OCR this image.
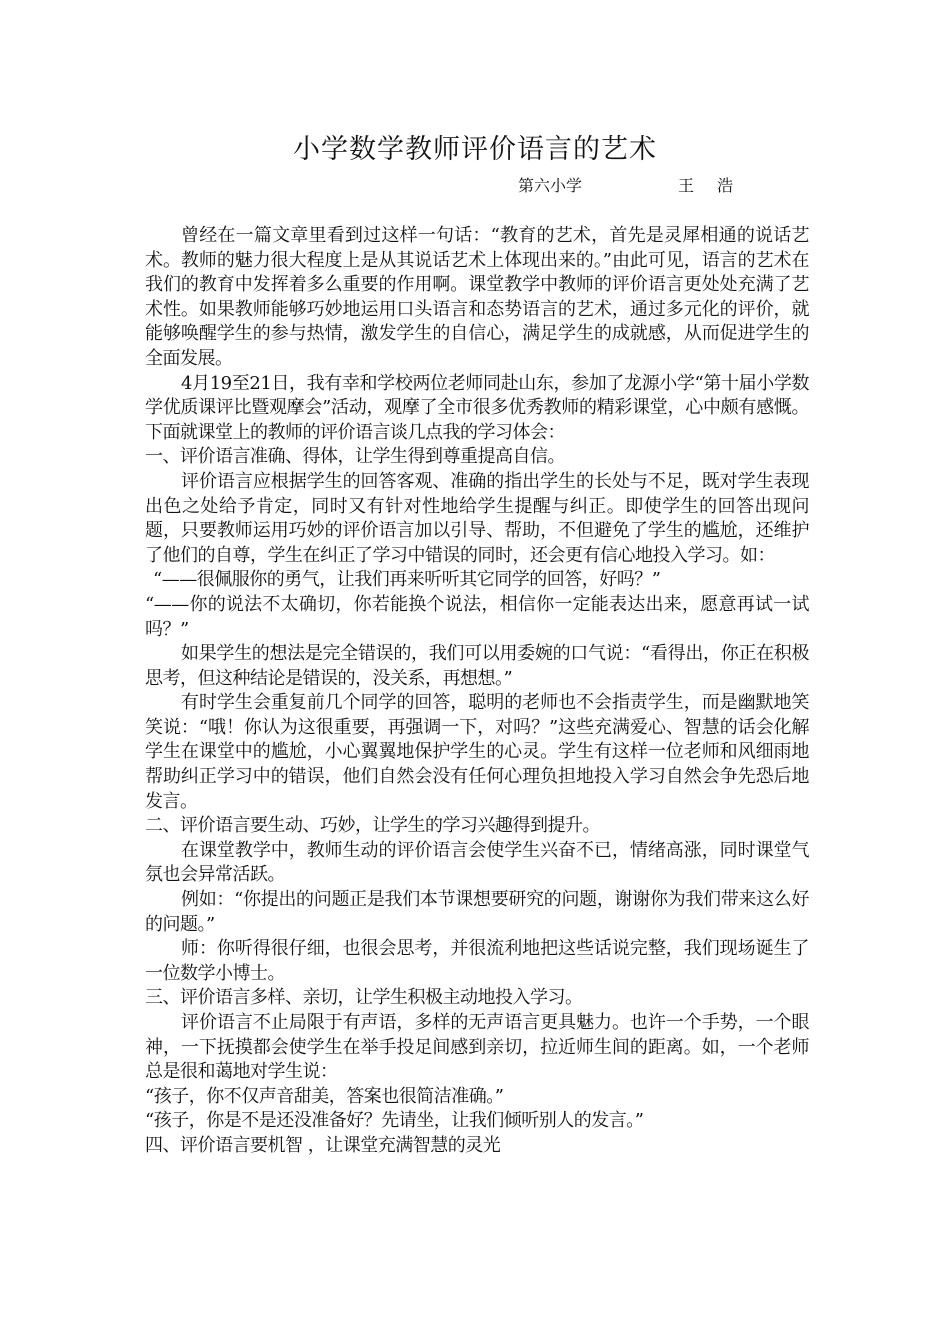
小学数学教师评价语言的艺术
第六小学	王 浩

曾经在一篇文章里看到过这样一句话：“教育的艺术，首先是灵犀相通的说话艺术。教师的魅力很大程度上是从其说话艺术上体现出来的。”由此可见，语言的艺术在我们的教育中发挥着多么重要的作用啊。课堂教学中教师的评价语言更处处充满了艺术性。如果教师能够巧妙地运用口头语言和态势语言的艺术，通过多元化的评价，就能够唤醒学生的参与热情，激发学生的自信心，满足学生的成就感，从而促进学生的全面发展。

4月19至21日，我有幸和学校两位老师同赴山东，参加了龙源小学“第十届小学数学优质课评比暨观摩会”活动，观摩了全市很多优秀教师的精彩课堂，心中颇有感慨。下面就课堂上的教师的评价语言谈几点我的学习体会：

一、评价语言准确、得体，让学生得到尊重提高自信。

评价语言应根据学生的回答客观、准确的指出学生的长处与不足，既对学生表现出色之处给予肯定，同时又有针对性地给学生提醒与纠正。即使学生的回答出现问题，只要教师运用巧妙的评价语言加以引导、帮助，不但避免了学生的尴尬，还维护了他们的自尊，学生在纠正了学习中错误的同时，还会更有信心地投入学习。如：

“——很佩服你的勇气，让我们再来听听其它同学的回答，好吗？”

“——你的说法不太确切，你若能换个说法，相信你一定能表达出来，愿意再试一试吗？”

如果学生的想法是完全错误的，我们可以用委婉的口气说：“看得出，你正在积极思考，但这种结论是错误的，没关系，再想想。”

有时学生会重复前几个同学的回答，聪明的老师也不会指责学生，而是幽默地笑笑说：“哦！你认为这很重要，再强调一下，对吗？”这些充满爱心、智慧的话会化解学生在课堂中的尴尬，小心翼翼地保护学生的心灵。学生有这样一位老师和风细雨地帮助纠正学习中的错误，他们自然会没有任何心理负担地投入学习自然会争先恐后地发言。

二、评价语言要生动、巧妙，让学生的学习兴趣得到提升。

在课堂教学中，教师生动的评价语言会使学生兴奋不已，情绪高涨，同时课堂气氛也会异常活跃。

例如：“你提出的问题正是我们本节课想要研究的问题，谢谢你为我们带来这么好的问题。”

师：你听得很仔细，也很会思考，并很流利地把这些话说完整，我们现场诞生了一位数学小博士。

三、评价语言多样、亲切，让学生积极主动地投入学习。

评价语言不止局限于有声语，多样的无声语言更具魅力。也许一个手势，一个眼神，一下抚摸都会使学生在举手投足间感到亲切，拉近师生间的距离。如，一个老师总是很和蔼地对学生说：

“孩子，你不仅声音甜美，答案也很简洁准确。”

“孩子，你是不是还没准备好？先请坐，让我们倾听别人的发言。”

四、评价语言要机智 ，让课堂充满智慧的灵光
